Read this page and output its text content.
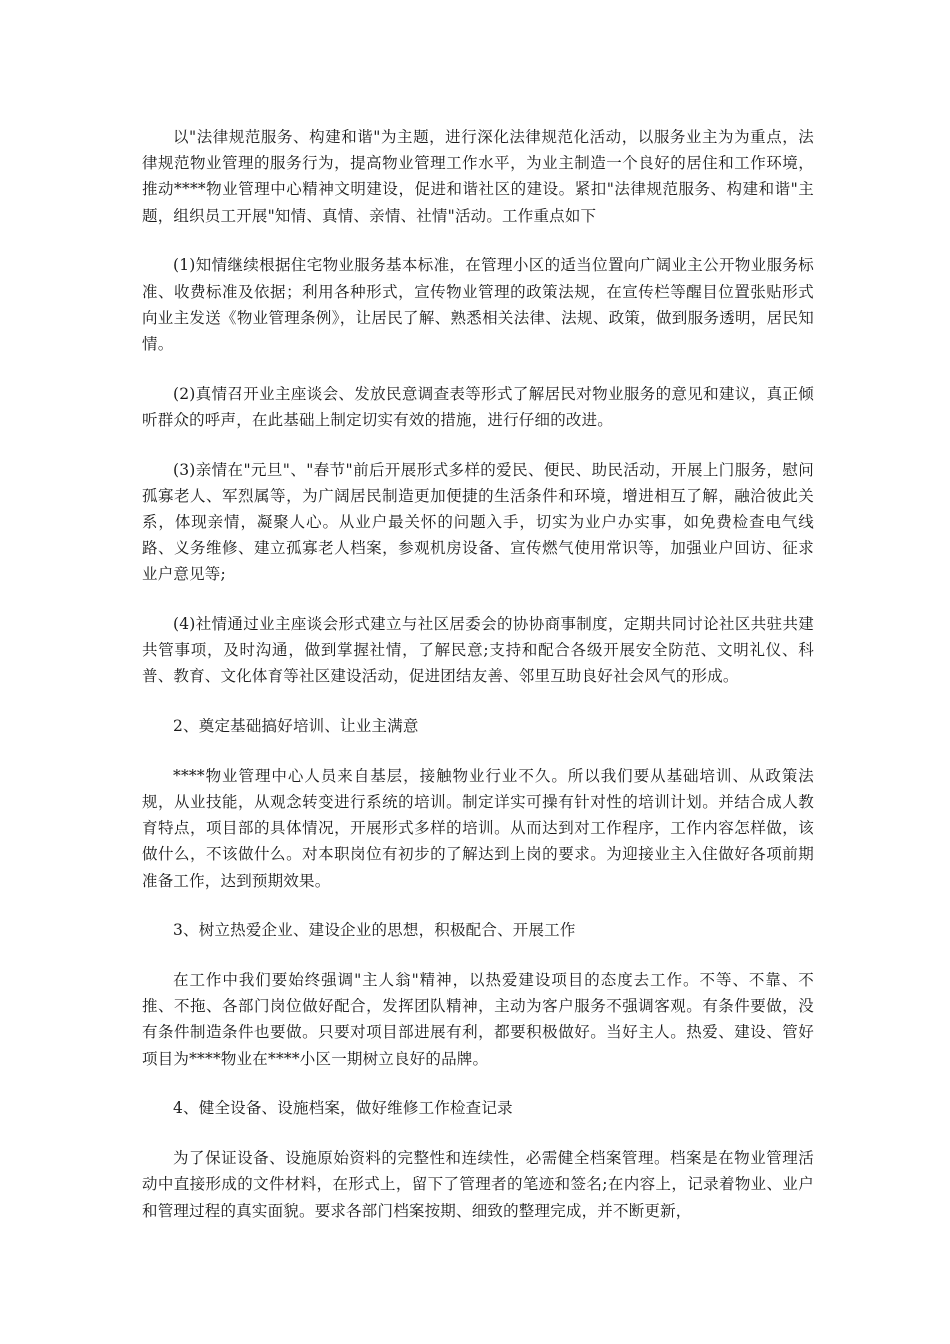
以"法律规范服务、构建和谐"为主题，进行深化法律规范化活动，以服务业主为为重点，法律规范物业管理的服务行为，提高物业管理工作水平，为业主制造一个良好的居住和工作环境，推动****物业管理中心精神文明建设，促进和谐社区的建设。紧扣"法律规范服务、构建和谐"主题，组织员工开展"知情、真情、亲情、社情"活动。工作重点如下

(1)知情继续根据住宅物业服务基本标准，在管理小区的适当位置向广阔业主公开物业服务标准、收费标准及依据；利用各种形式，宣传物业管理的政策法规，在宣传栏等醒目位置张贴形式向业主发送《物业管理条例》，让居民了解、熟悉相关法律、法规、政策，做到服务透明，居民知情。

(2)真情召开业主座谈会、发放民意调查表等形式了解居民对物业服务的意见和建议，真正倾听群众的呼声，在此基础上制定切实有效的措施，进行仔细的改进。

(3)亲情在"元旦"、"春节"前后开展形式多样的爱民、便民、助民活动，开展上门服务，慰问孤寡老人、军烈属等，为广阔居民制造更加便捷的生活条件和环境，增进相互了解，融洽彼此关系，体现亲情，凝聚人心。从业户最关怀的问题入手，切实为业户办实事，如免费检查电气线路、义务维修、建立孤寡老人档案，参观机房设备、宣传燃气使用常识等，加强业户回访、征求业户意见等;

(4)社情通过业主座谈会形式建立与社区居委会的协协商事制度，定期共同讨论社区共驻共建共管事项，及时沟通，做到掌握社情，了解民意;支持和配合各级开展安全防范、文明礼仪、科普、教育、文化体育等社区建设活动，促进团结友善、邻里互助良好社会风气的形成。

2、奠定基础搞好培训、让业主满意

****物业管理中心人员来自基层，接触物业行业不久。所以我们要从基础培训、从政策法规，从业技能，从观念转变进行系统的培训。制定详实可操有针对性的培训计划。并结合成人教育特点，项目部的具体情况，开展形式多样的培训。从而达到对工作程序，工作内容怎样做，该做什么，不该做什么。对本职岗位有初步的了解达到上岗的要求。为迎接业主入住做好各项前期准备工作，达到预期效果。

3、树立热爱企业、建设企业的思想，积极配合、开展工作

在工作中我们要始终强调"主人翁"精神，以热爱建设项目的态度去工作。不等、不靠、不推、不拖、各部门岗位做好配合，发挥团队精神，主动为客户服务不强调客观。有条件要做，没有条件制造条件也要做。只要对项目部进展有利，都要积极做好。当好主人。热爱、建设、管好项目为****物业在****小区一期树立良好的品牌。

4、健全设备、设施档案，做好维修工作检查记录

为了保证设备、设施原始资料的完整性和连续性，必需健全档案管理。档案是在物业管理活动中直接形成的文件材料，在形式上，留下了管理者的笔迹和签名;在内容上，记录着物业、业户和管理过程的真实面貌。要求各部门档案按期、细致的整理完成，并不断更新，
